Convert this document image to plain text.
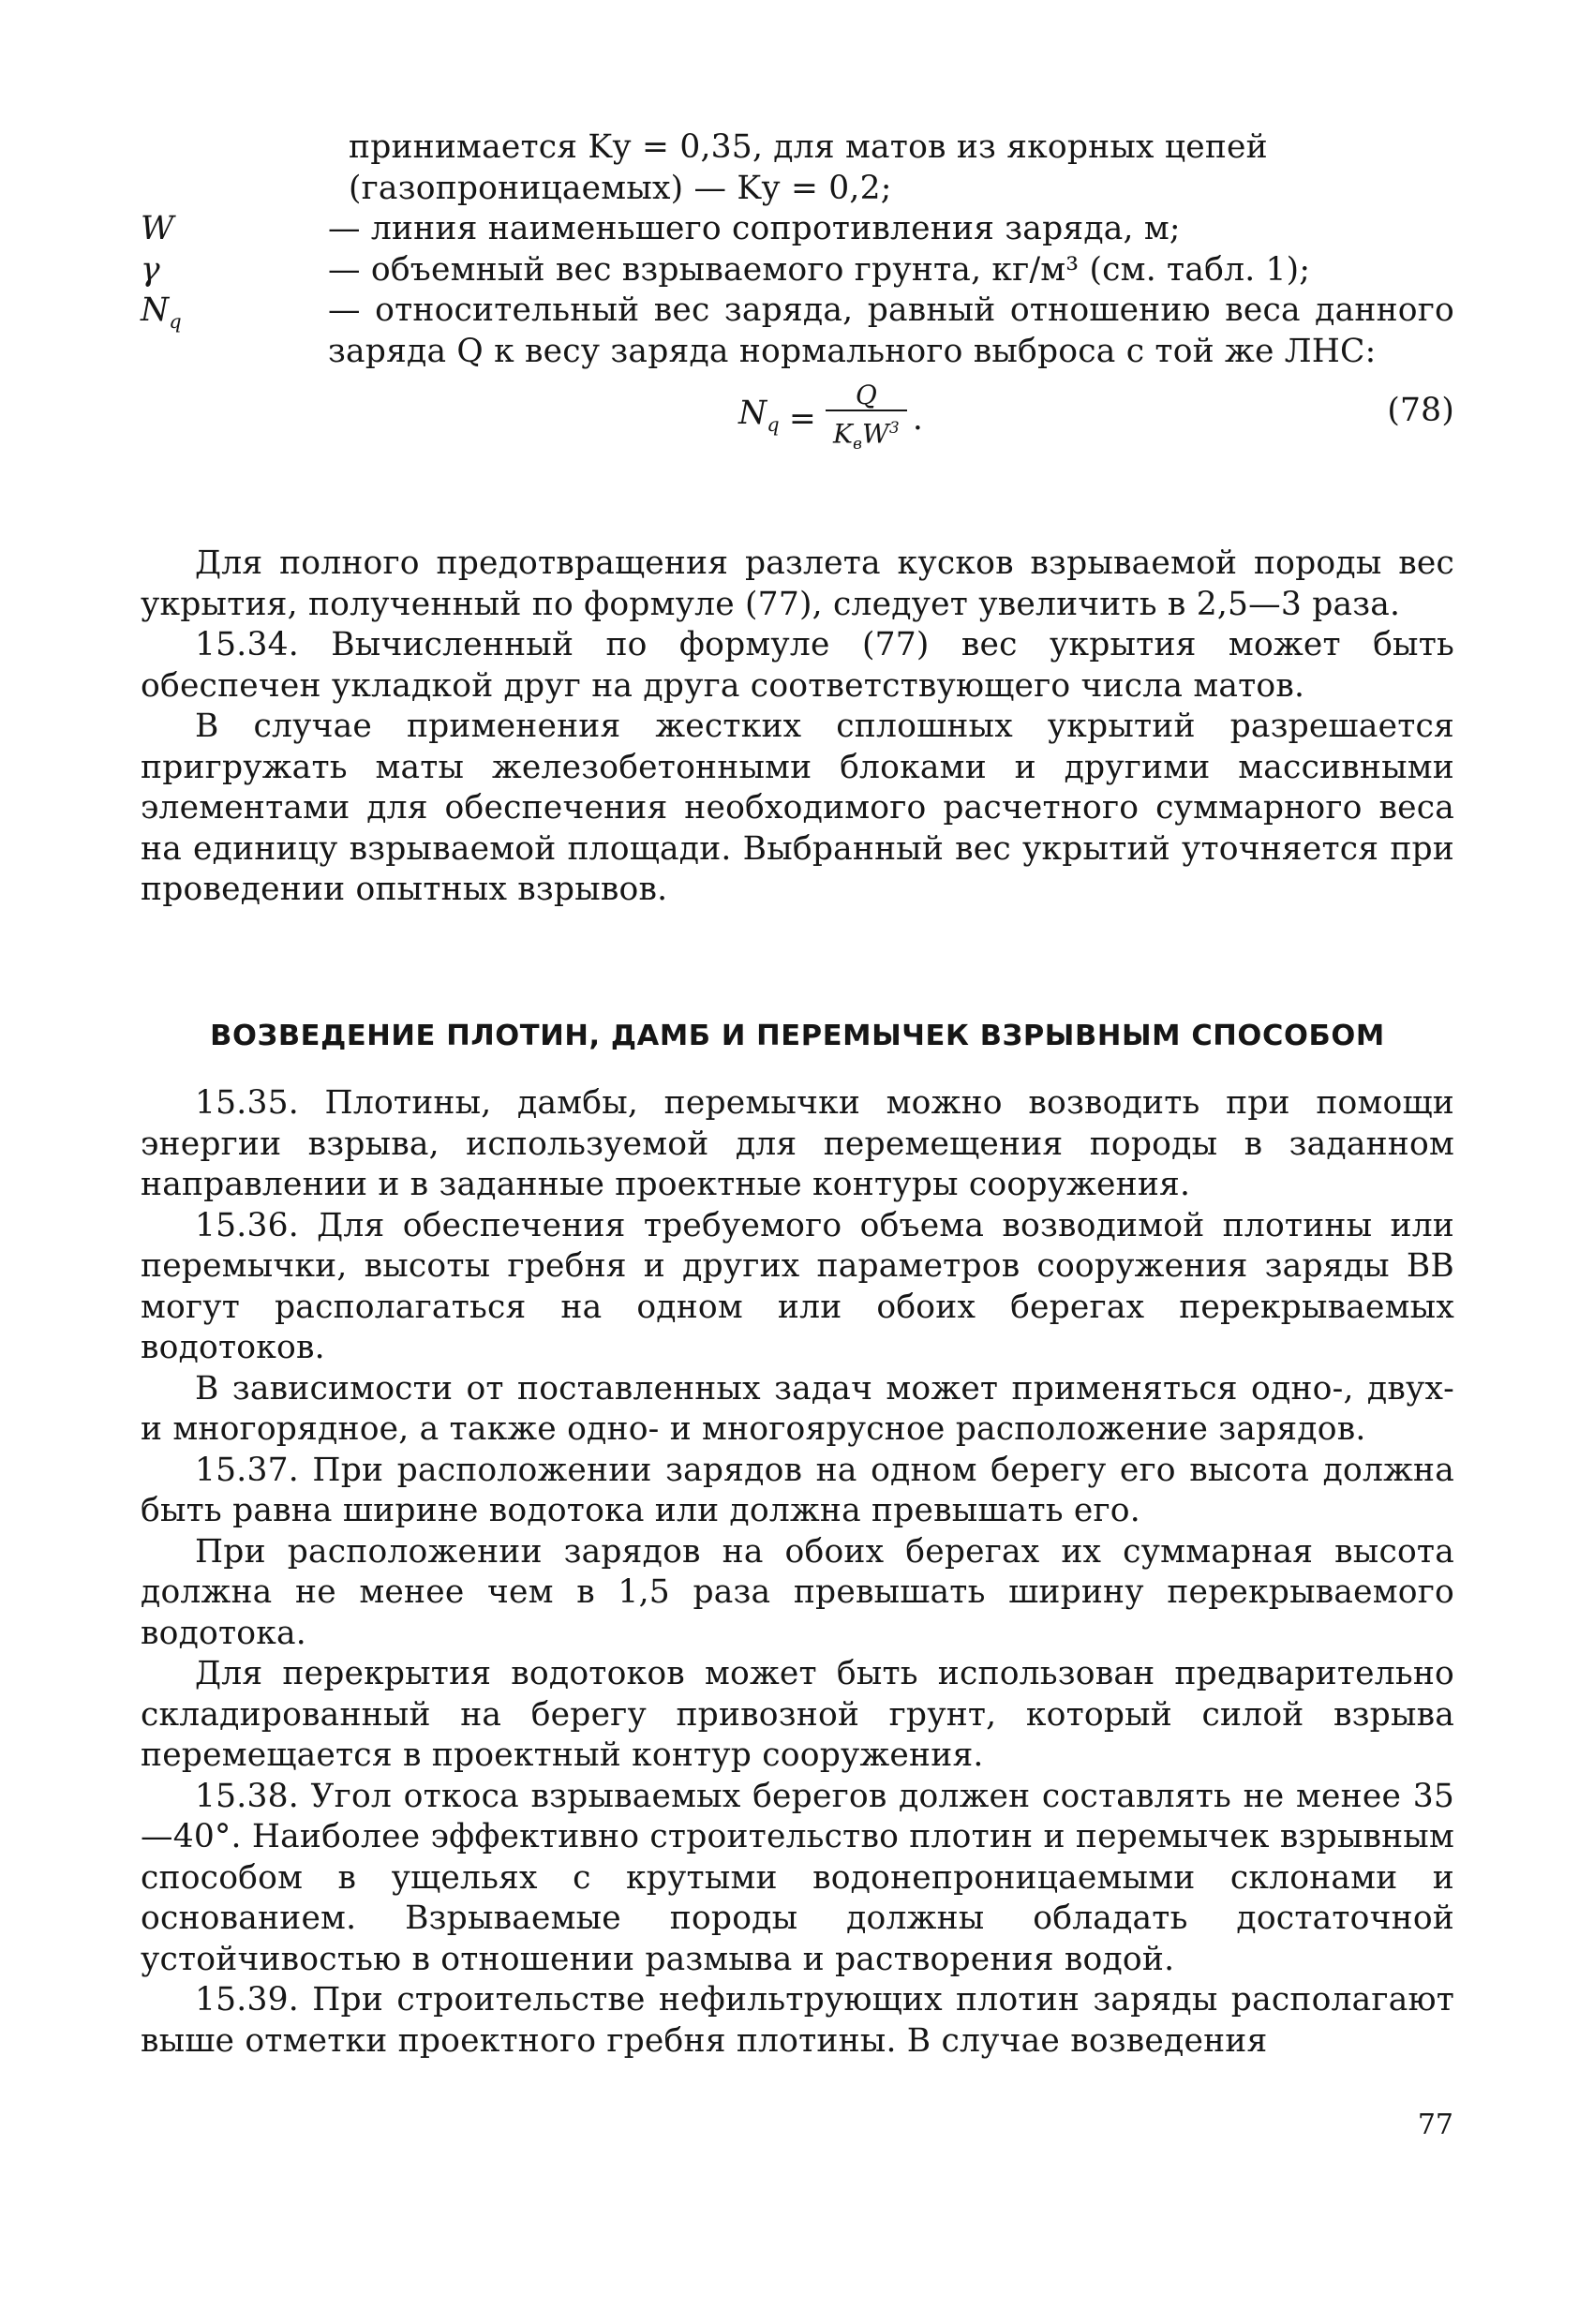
принимается Kу = 0,35, для матов из якорных цепей
(газопроницаемых) — Kу = 0,2;
W	— линия наименьшего сопротивления заряда, м;
γ	— объемный вес взрываемого грунта, кг/м³ (см. табл. 1);
$N_q$	— относительный вес заряда, равный отношению веса данного заряда Q к весу заряда нормального выброса с той же ЛНС:
$N_q = \frac{Q}{K_вW^3}$ .	(78)

Для полного предотвращения разлета кусков взрываемой породы вес укрытия, полученный по формуле (77), следует увеличить в 2,5—3 раза.

15.34. Вычисленный по формуле (77) вес укрытия может быть обеспечен укладкой друг на друга соответствующего числа матов.

В случае применения жестких сплошных укрытий разрешается пригружать маты железобетонными блоками и другими массивными элементами для обеспечения необходимого расчетного суммарного веса на единицу взрываемой площади. Выбранный вес укрытий уточняется при проведении опытных взрывов.

ВОЗВЕДЕНИЕ ПЛОТИН, ДАМБ И ПЕРЕМЫЧЕК ВЗРЫВНЫМ СПОСОБОМ

15.35. Плотины, дамбы, перемычки можно возводить при помощи энергии взрыва, используемой для перемещения породы в заданном направлении и в заданные проектные контуры сооружения.

15.36. Для обеспечения требуемого объема возводимой плотины или перемычки, высоты гребня и других параметров сооружения заряды ВВ могут располагаться на одном или обоих берегах перекрываемых водотоков.

В зависимости от поставленных задач может применяться одно-, двух- и многорядное, а также одно- и многоярусное расположение зарядов.

15.37. При расположении зарядов на одном берегу его высота должна быть равна ширине водотока или должна превышать его.

При расположении зарядов на обоих берегах их суммарная высота должна не менее чем в 1,5 раза превышать ширину перекрываемого водотока.

Для перекрытия водотоков может быть использован предварительно складированный на берегу привозной грунт, который силой взрыва перемещается в проектный контур сооружения.

15.38. Угол откоса взрываемых берегов должен составлять не менее 35—40°. Наиболее эффективно строительство плотин и перемычек взрывным способом в ущельях с крутыми водонепроницаемыми склонами и основанием. Взрываемые породы должны обладать достаточной устойчивостью в отношении размыва и растворения водой.

15.39. При строительстве нефильтрующих плотин заряды располагают выше отметки проектного гребня плотины. В случае возведения

77
